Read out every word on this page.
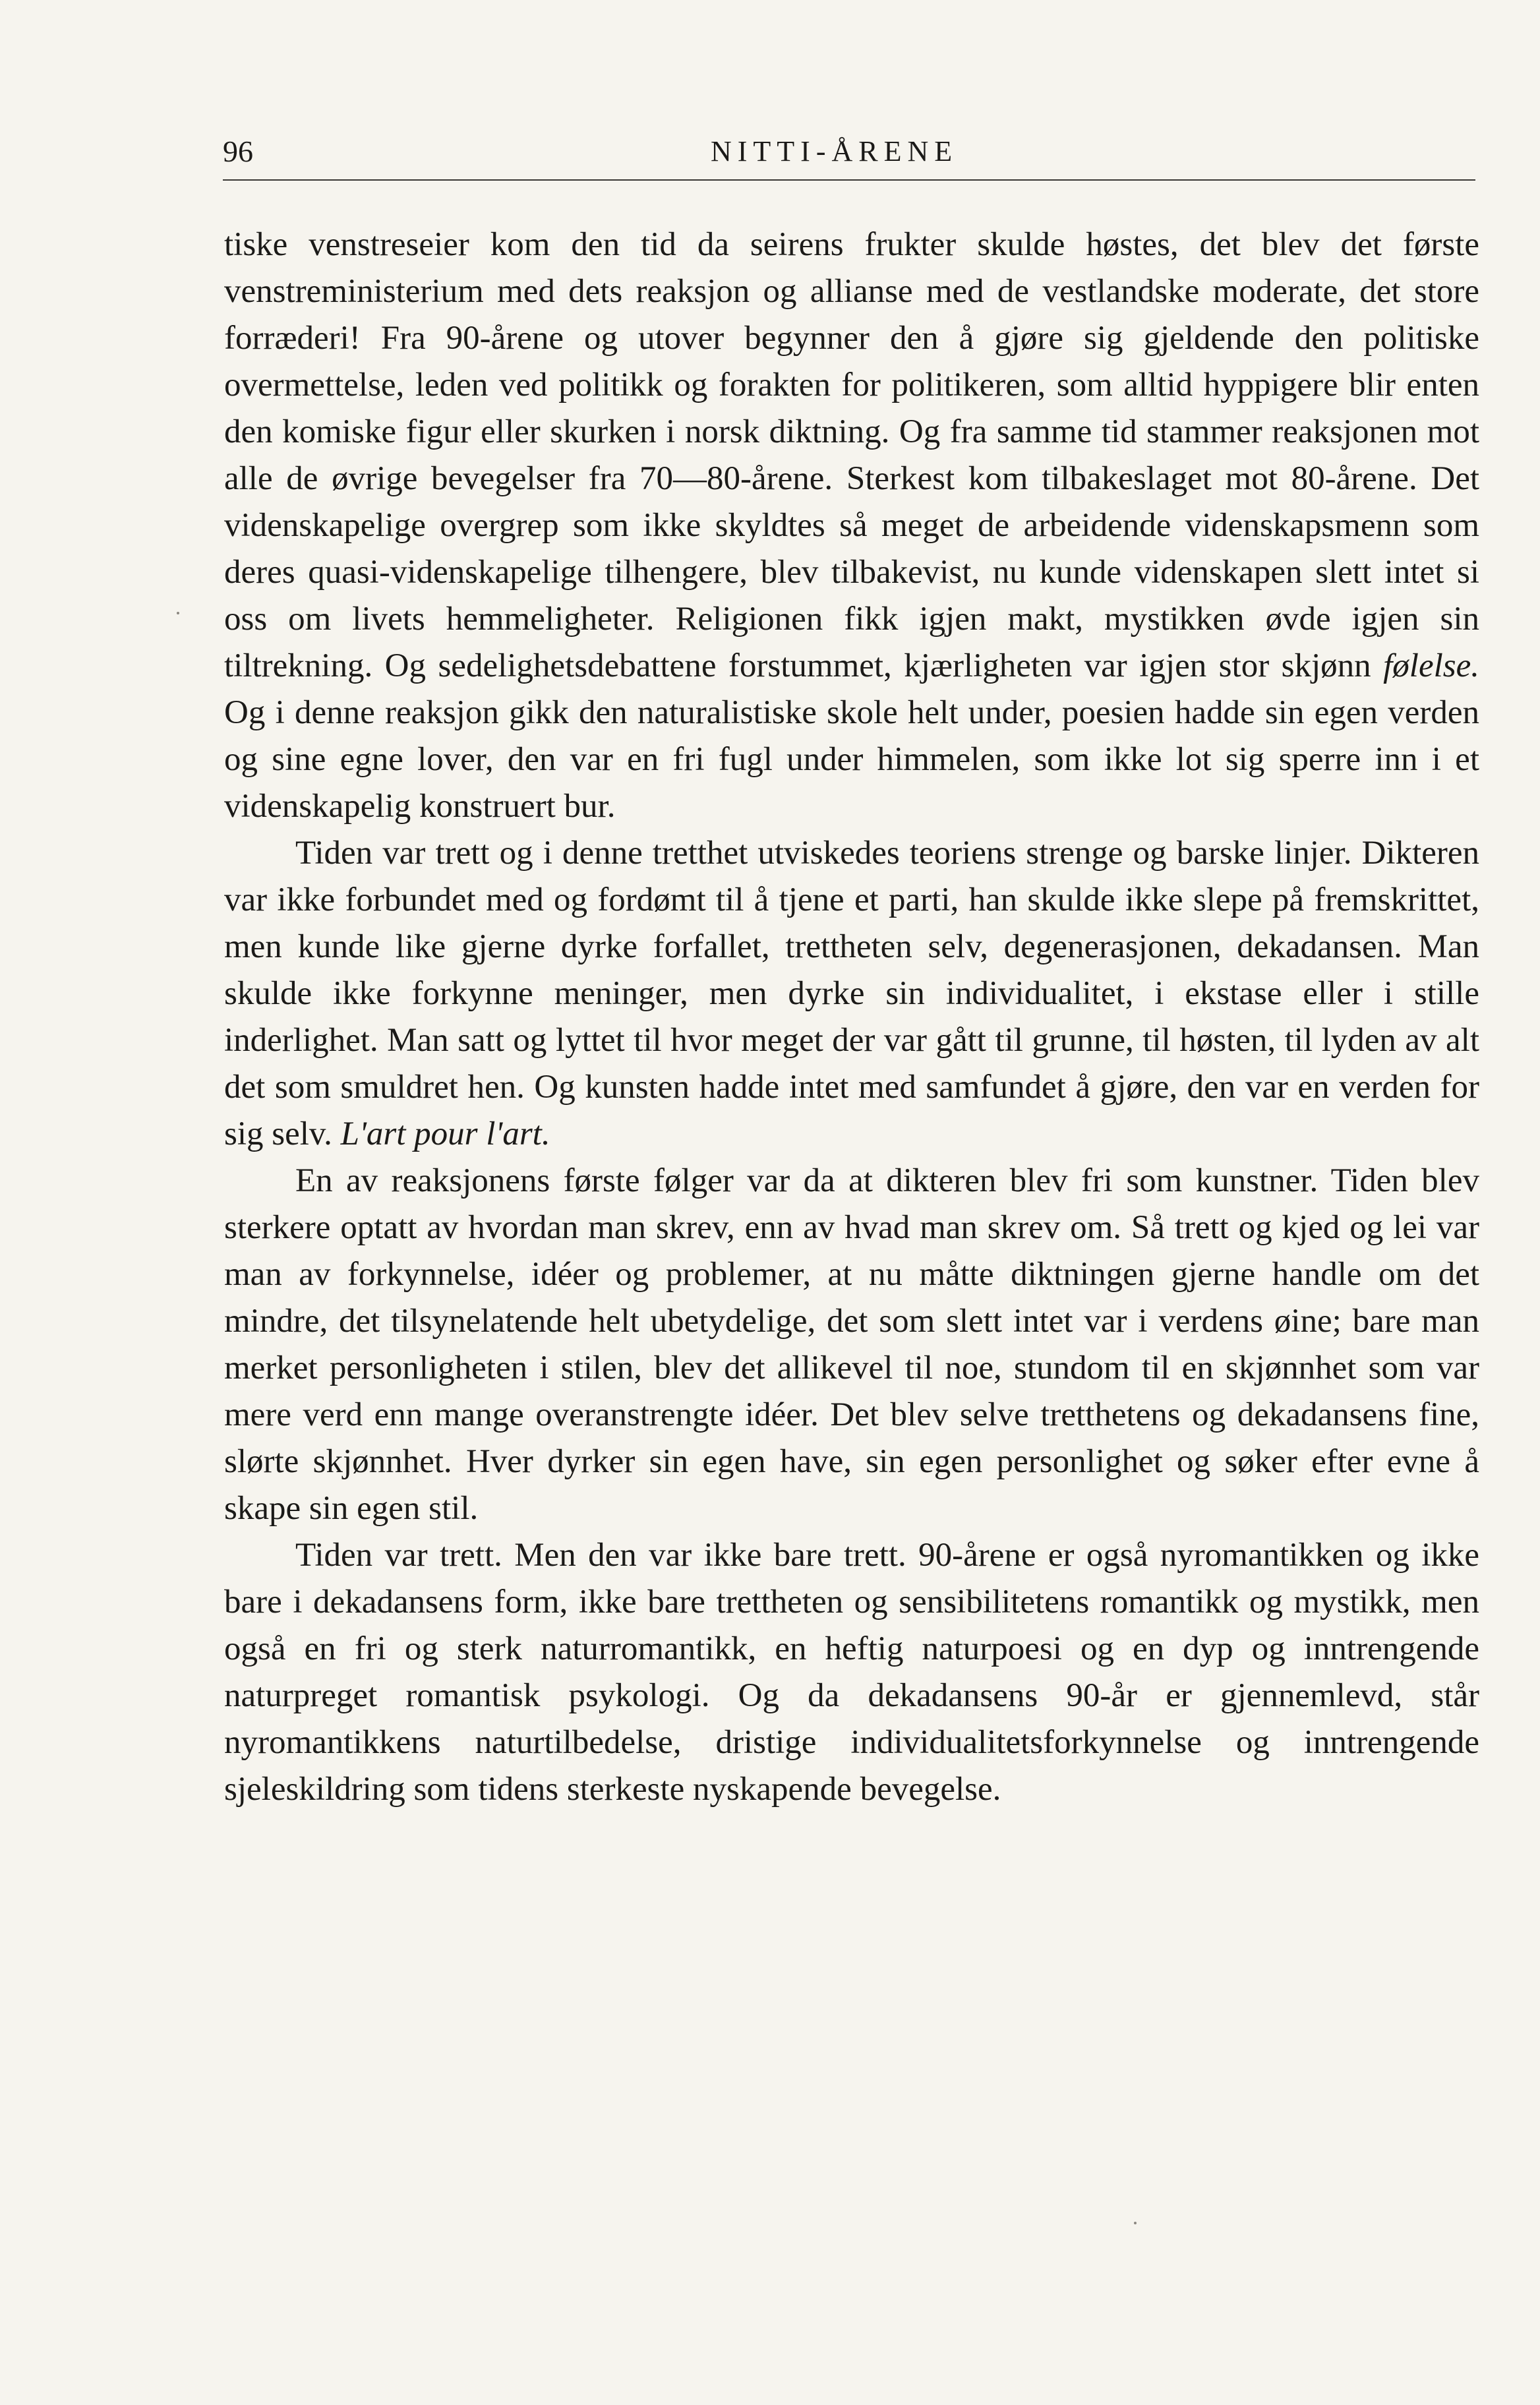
96	NITTI-ÅRENE

tiske venstreseier kom den tid da seirens frukter skulde høstes, det blev det første venstreministerium med dets reaksjon og allianse med de vestlandske moderate, det store forræderi! Fra 90-årene og utover begynner den å gjøre sig gjeldende den politiske overmettelse, leden ved politikk og forakten for politikeren, som alltid hyppigere blir enten den komiske figur eller skurken i norsk diktning. Og fra samme tid stammer reaksjonen mot alle de øvrige bevegelser fra 70—80-årene. Sterkest kom tilbakeslaget mot 80-årene. Det videnskapelige overgrep som ikke skyldtes så meget de arbeidende videnskapsmenn som deres quasi-videnskapelige tilhengere, blev tilbakevist, nu kunde videnskapen slett intet si oss om livets hemmeligheter. Religionen fikk igjen makt, mystikken øvde igjen sin tiltrekning. Og sedelighetsdebattene forstummet, kjærligheten var igjen stor skjønn følelse. Og i denne reaksjon gikk den naturalistiske skole helt under, poesien hadde sin egen verden og sine egne lover, den var en fri fugl under himmelen, som ikke lot sig sperre inn i et videnskapelig konstruert bur.

Tiden var trett og i denne tretthet utviskedes teoriens strenge og barske linjer. Dikteren var ikke forbundet med og fordømt til å tjene et parti, han skulde ikke slepe på fremskrittet, men kunde like gjerne dyrke forfallet, trettheten selv, degenerasjonen, dekadansen. Man skulde ikke forkynne meninger, men dyrke sin individualitet, i ekstase eller i stille inderlighet. Man satt og lyttet til hvor meget der var gått til grunne, til høsten, til lyden av alt det som smuldret hen. Og kunsten hadde intet med samfundet å gjøre, den var en verden for sig selv. L'art pour l'art.

En av reaksjonens første følger var da at dikteren blev fri som kunstner. Tiden blev sterkere optatt av hvordan man skrev, enn av hvad man skrev om. Så trett og kjed og lei var man av forkynnelse, idéer og problemer, at nu måtte diktningen gjerne handle om det mindre, det tilsynelatende helt ubetydelige, det som slett intet var i verdens øine; bare man merket personligheten i stilen, blev det allikevel til noe, stundom til en skjønnhet som var mere verd enn mange overanstrengte idéer. Det blev selve tretthetens og dekadansens fine, slørte skjønnhet. Hver dyrker sin egen have, sin egen personlighet og søker efter evne å skape sin egen stil.

Tiden var trett. Men den var ikke bare trett. 90-årene er også nyromantikken og ikke bare i dekadansens form, ikke bare trettheten og sensibilitetens romantikk og mystikk, men også en fri og sterk naturromantikk, en heftig naturpoesi og en dyp og inntrengende naturpreget romantisk psykologi. Og da dekadansens 90-år er gjennemlevd, står nyromantikkens naturtilbedelse, dristige individualitetsforkynnelse og inntrengende sjeleskildring som tidens sterkeste nyskapende bevegelse.
